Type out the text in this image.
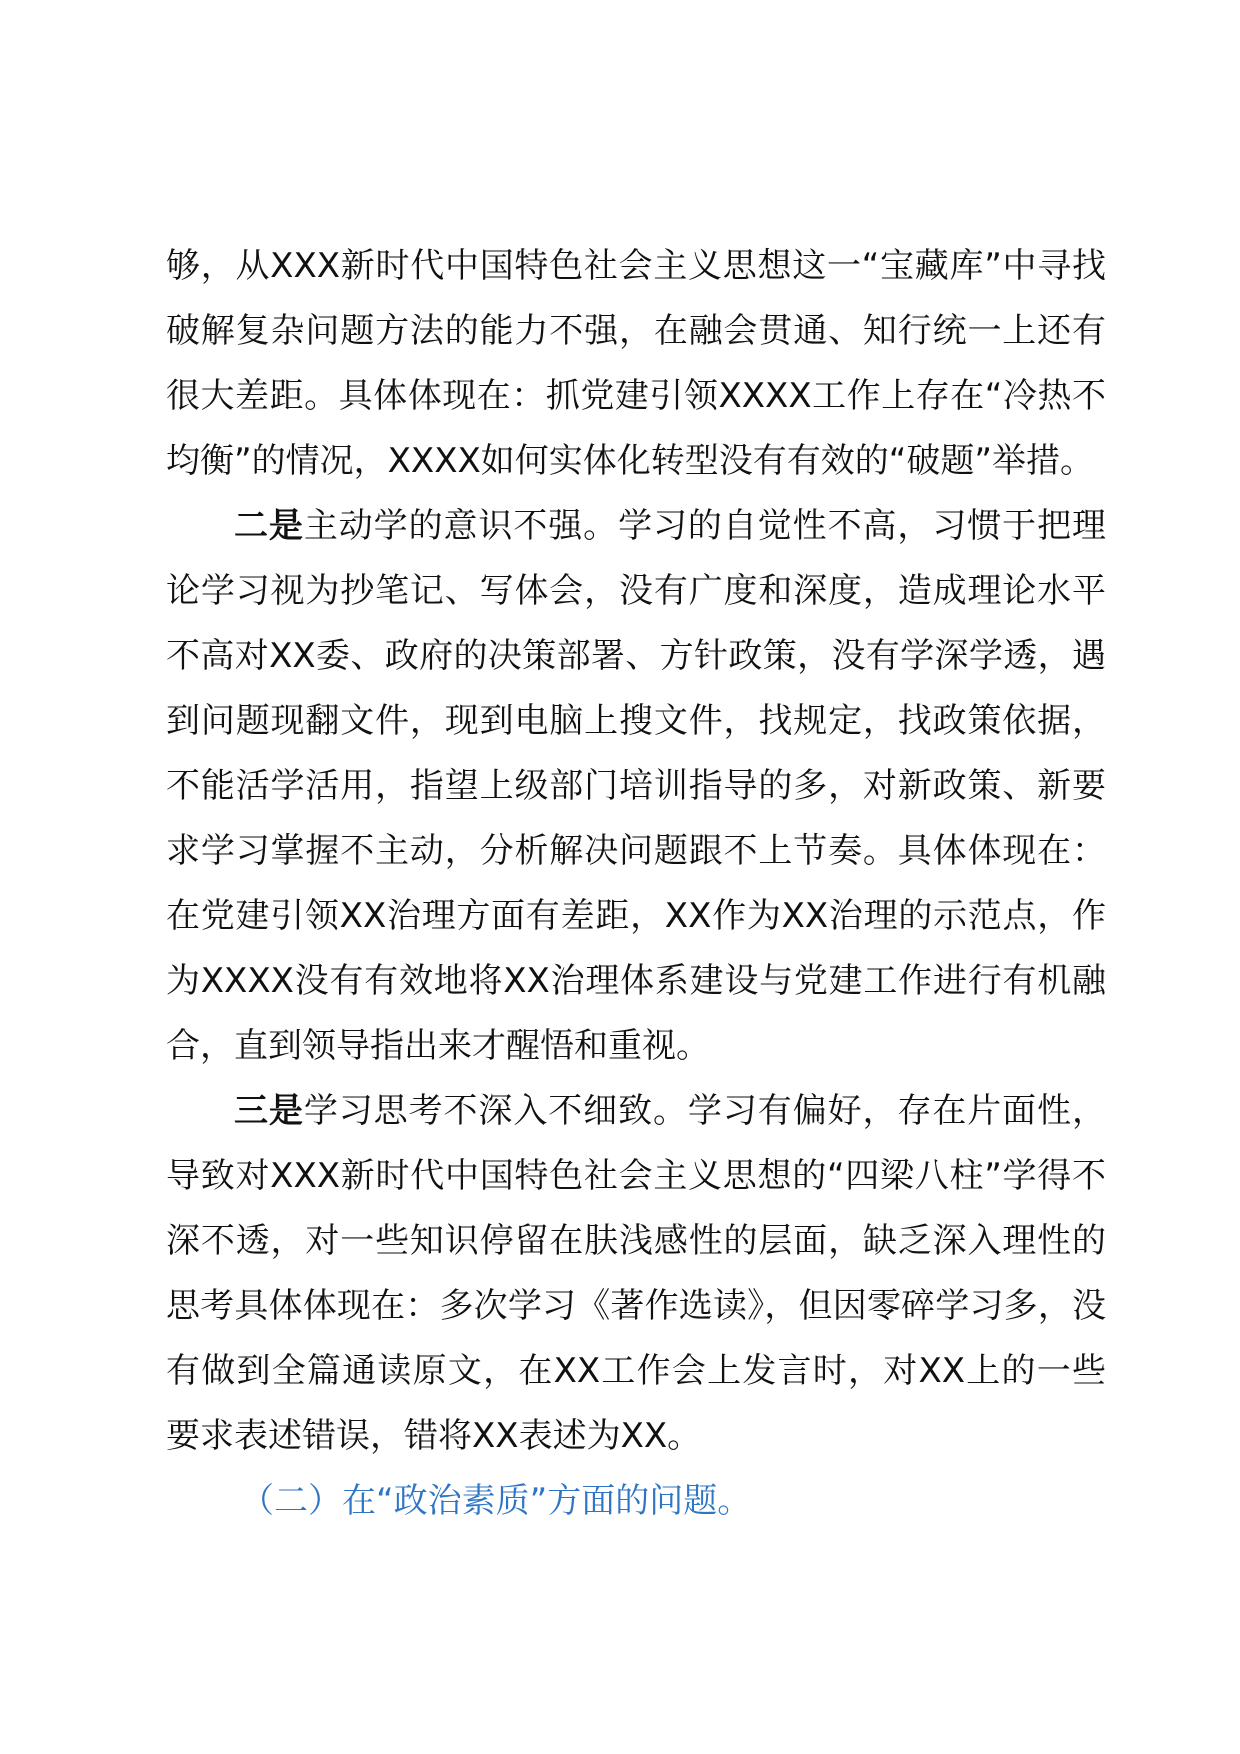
够，从XXX新时代中国特色社会主义思想这一“宝藏库”中寻找破解复杂问题方法的能力不强，在融会贯通、知行统一上还有很大差距。具体体现在：抓党建引领XXXX工作上存在“冷热不均衡”的情况，XXXX如何实体化转型没有有效的“破题”举措。

二是主动学的意识不强。学习的自觉性不高，习惯于把理论学习视为抄笔记、写体会，没有广度和深度，造成理论水平不高对XX委、政府的决策部署、方针政策，没有学深学透，遇到问题现翻文件，现到电脑上搜文件，找规定，找政策依据，不能活学活用，指望上级部门培训指导的多，对新政策、新要求学习掌握不主动，分析解决问题跟不上节奏。具体体现在：在党建引领XX治理方面有差距，XX作为XX治理的示范点，作为XXXX没有有效地将XX治理体系建设与党建工作进行有机融合，直到领导指出来才醒悟和重视。

三是学习思考不深入不细致。学习有偏好，存在片面性，导致对XXX新时代中国特色社会主义思想的“四梁八柱”学得不深不透，对一些知识停留在肤浅感性的层面，缺乏深入理性的思考具体体现在：多次学习《著作选读》，但因零碎学习多，没有做到全篇通读原文，在XX工作会上发言时，对XX上的一些要求表述错误，错将XX表述为XX。

（二）在“政治素质”方面的问题。
